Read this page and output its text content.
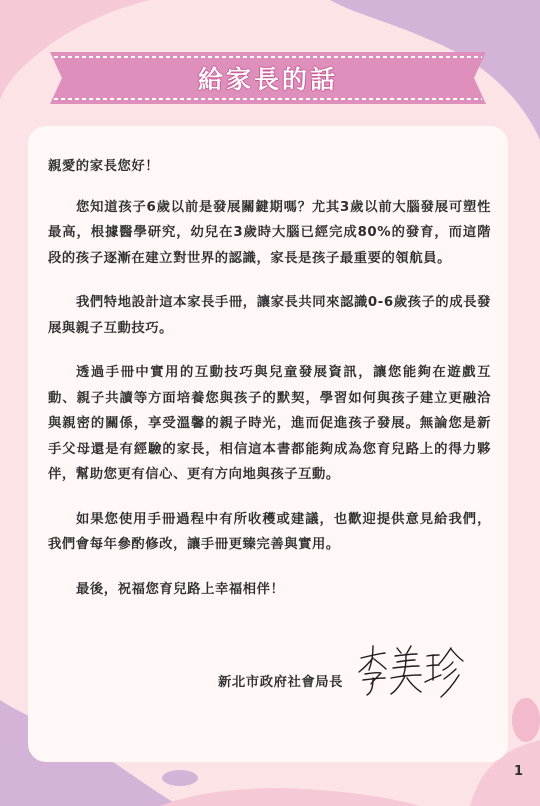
給家長的話

親愛的家長您好！

您知道孩子6歲以前是發展關鍵期嗎？尤其3歲以前大腦發展可塑性最高，根據醫學研究，幼兒在3歲時大腦已經完成80%的發育，而這階段的孩子逐漸在建立對世界的認識，家長是孩子最重要的領航員。

我們特地設計這本家長手冊，讓家長共同來認識0-6歲孩子的成長發展與親子互動技巧。

透過手冊中實用的互動技巧與兒童發展資訊，讓您能夠在遊戲互動、親子共讀等方面培養您與孩子的默契，學習如何與孩子建立更融洽與親密的關係，享受溫馨的親子時光，進而促進孩子發展。無論您是新手父母還是有經驗的家長，相信這本書都能夠成為您育兒路上的得力夥伴，幫助您更有信心、更有方向地與孩子互動。

如果您使用手冊過程中有所收穫或建議，也歡迎提供意見給我們，我們會每年參酌修改，讓手冊更臻完善與實用。

最後，祝福您育兒路上幸福相伴！

新北市政府社會局長
1
